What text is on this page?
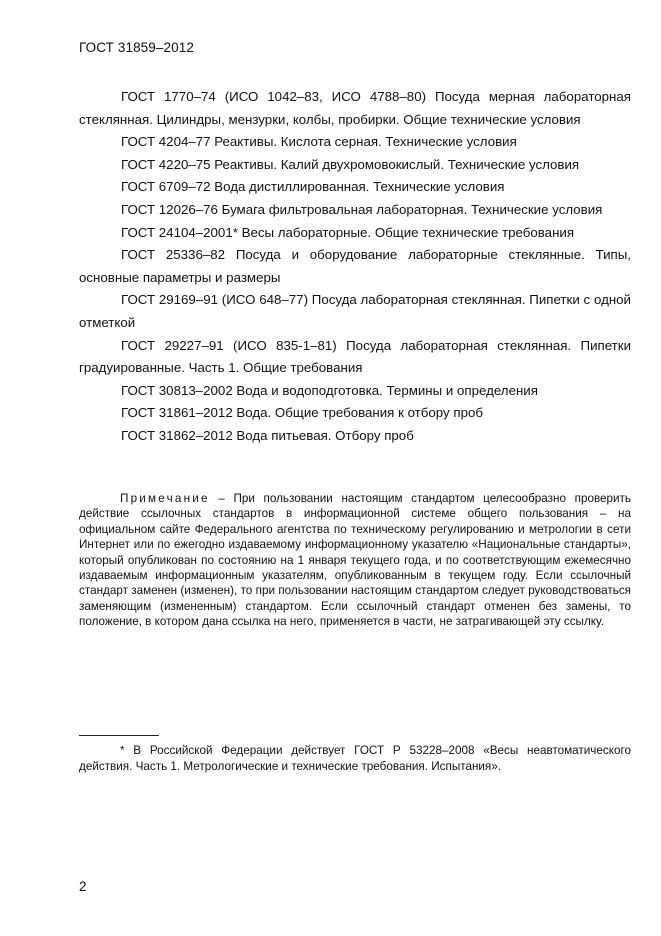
ГОСТ 31859–2012

ГОСТ 1770–74 (ИСО 1042–83, ИСО 4788–80) Посуда мерная лабораторная стеклянная. Цилиндры, мензурки, колбы, пробирки. Общие технические условия

ГОСТ 4204–77 Реактивы. Кислота серная. Технические условия

ГОСТ 4220–75 Реактивы. Калий двухромовокислый. Технические условия

ГОСТ 6709–72 Вода дистиллированная. Технические условия

ГОСТ 12026–76 Бумага фильтровальная лабораторная. Технические условия

ГОСТ 24104–2001* Весы лабораторные. Общие технические требования

ГОСТ 25336–82 Посуда и оборудование лабораторные стеклянные. Типы, основные параметры и размеры

ГОСТ 29169–91 (ИСО 648–77) Посуда лабораторная стеклянная. Пипетки с одной отметкой

ГОСТ 29227–91 (ИСО 835-1–81) Посуда лабораторная стеклянная. Пипетки градуированные. Часть 1. Общие требования

ГОСТ 30813–2002 Вода и водоподготовка. Термины и определения

ГОСТ 31861–2012 Вода. Общие требования к отбору проб

ГОСТ 31862–2012 Вода питьевая. Отбору проб

Примечание – При пользовании настоящим стандартом целесообразно проверить действие ссылочных стандартов в информационной системе общего пользования – на официальном сайте Федерального агентства по техническому регулированию и метрологии в сети Интернет или по ежегодно издаваемому информационному указателю «Национальные стандарты», который опубликован по состоянию на 1 января текущего года, и по соответствующим ежемесячно издаваемым информационным указателям, опубликованным в текущем году. Если ссылочный стандарт заменен (изменен), то при пользовании настоящим стандартом следует руководствоваться заменяющим (измененным) стандартом. Если ссылочный стандарт отменен без замены, то положение, в котором дана ссылка на него, применяется в части, не затрагивающей эту ссылку.

* В Российской Федерации действует ГОСТ Р 53228–2008 «Весы неавтоматического действия. Часть 1. Метрологические и технические требования. Испытания».

2
